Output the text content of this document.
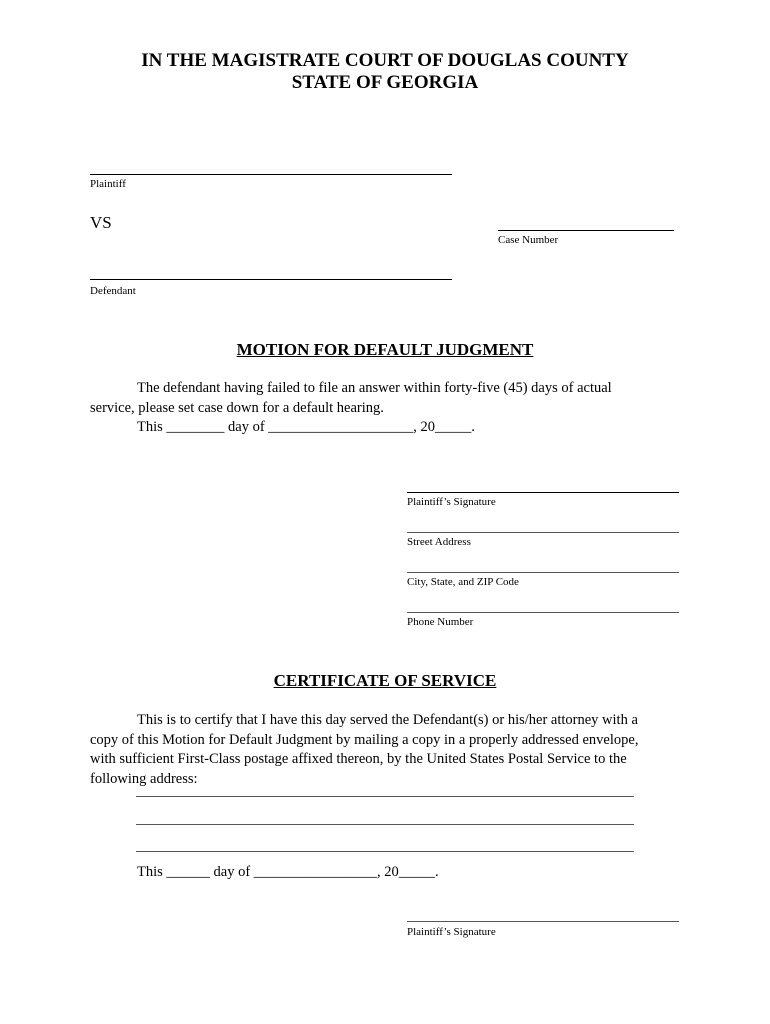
IN THE MAGISTRATE COURT OF DOUGLAS COUNTY
STATE OF GEORGIA
Plaintiff
VS
Case Number
Defendant
MOTION FOR DEFAULT JUDGMENT
The defendant having failed to file an answer within forty-five (45) days of actual
service, please set case down for a default hearing.
This ________ day of ____________________, 20_____.
Plaintiff’s Signature
Street Address
City, State, and ZIP Code
Phone Number
CERTIFICATE OF SERVICE
This is to certify that I have this day served the Defendant(s) or his/her attorney with a
copy of this Motion for Default Judgment by mailing a copy in a properly addressed envelope,
with sufficient First-Class postage affixed thereon, by the United States Postal Service to the
following address:
This ______ day of _________________, 20_____.
Plaintiff’s Signature
